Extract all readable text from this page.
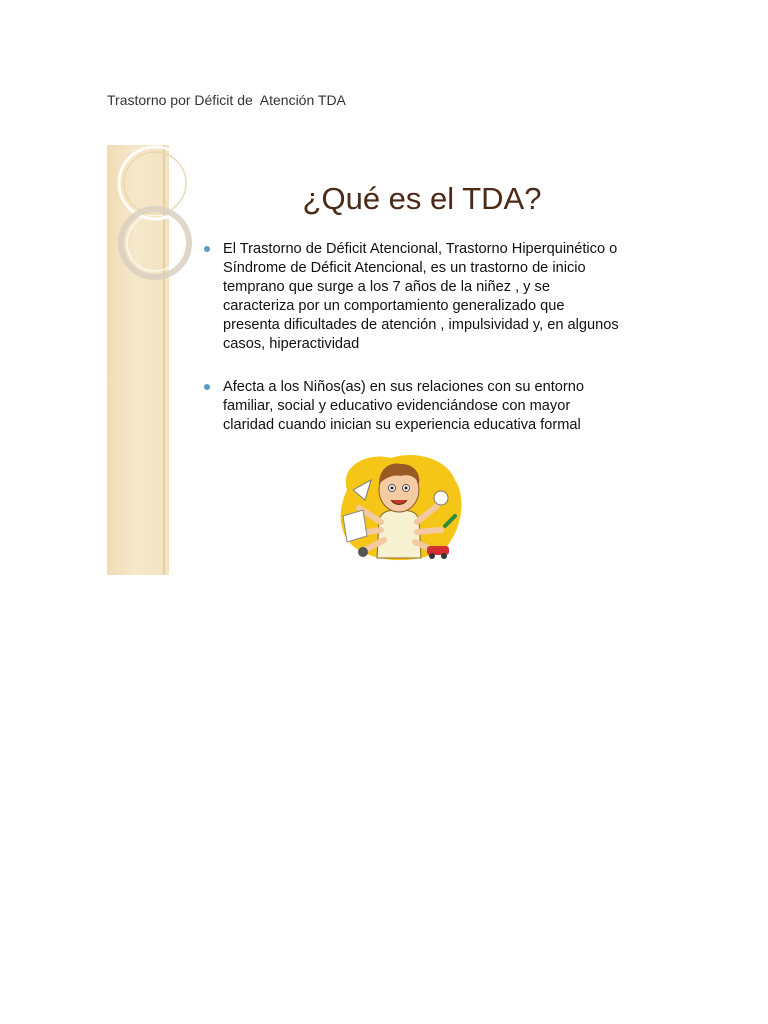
Trastorno por Déficit de  Atención TDA
¿Qué es el TDA?
El Trastorno de Déficit Atencional, Trastorno Hiperquinético o
Síndrome de Déficit Atencional, es un trastorno de inicio
temprano que surge a los 7 años de la niñez , y se
caracteriza por un comportamiento generalizado que
presenta dificultades de atención , impulsividad y, en algunos
casos, hiperactividad
Afecta a los Niños(as) en sus relaciones con su entorno
familiar, social y educativo evidenciándose con mayor
claridad cuando inician su experiencia educativa formal
